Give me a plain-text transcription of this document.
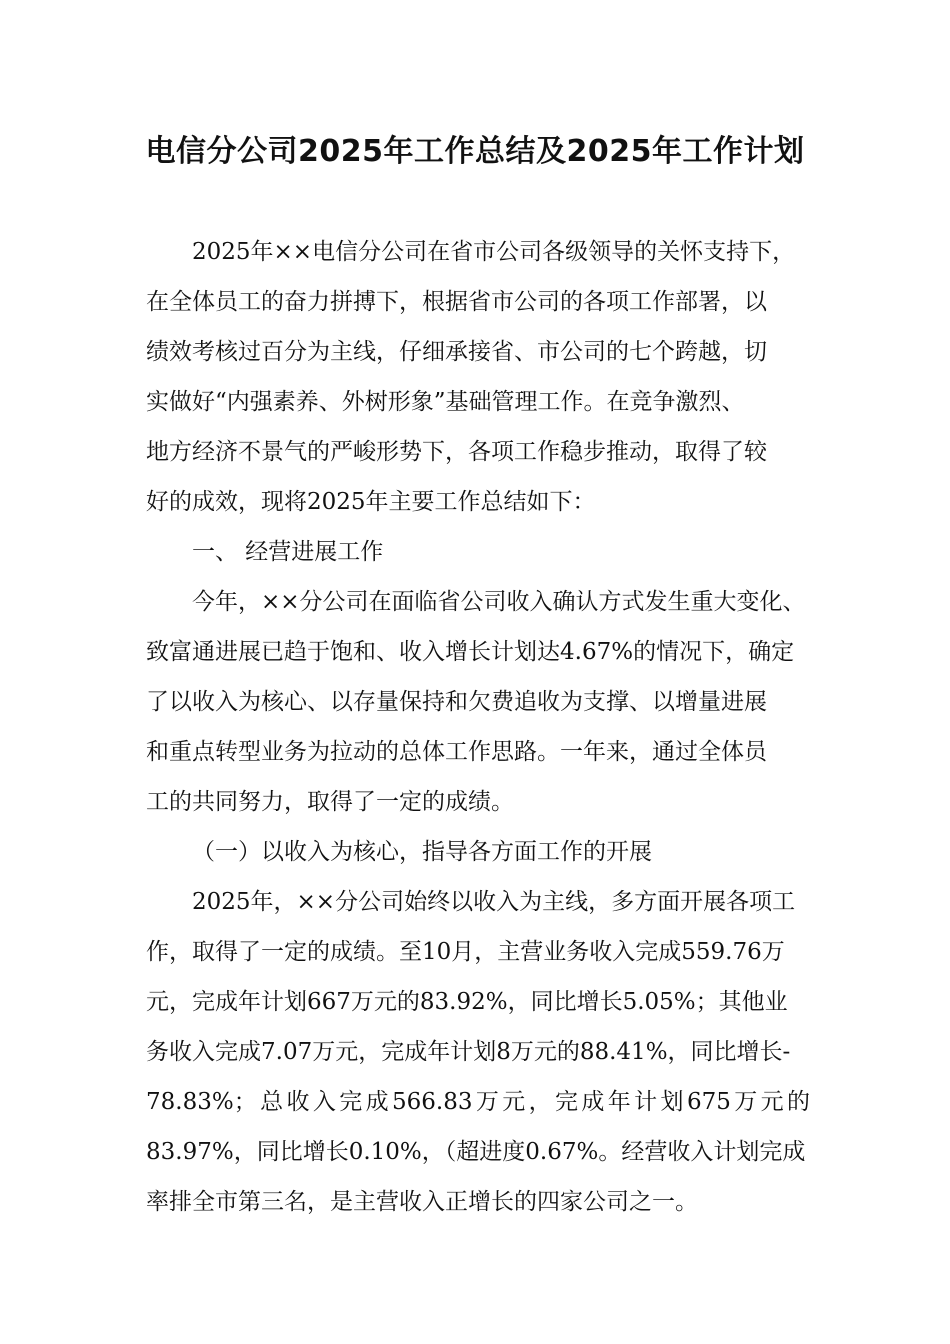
电信分公司2025年工作总结及2025年工作计划
2025年××电信分公司在省市公司各级领导的关怀支持下，
在全体员工的奋力拼搏下，根据省市公司的各项工作部署，以
绩效考核过百分为主线，仔细承接省、市公司的七个跨越，切
实做好“内强素养、外树形象”基础管理工作。在竞争激烈、
地方经济不景气的严峻形势下，各项工作稳步推动，取得了较
好的成效，现将2025年主要工作总结如下：
一、 经营进展工作
今年，××分公司在面临省公司收入确认方式发生重大变化、
致富通进展已趋于饱和、收入增长计划达4.67%的情况下，确定
了以收入为核心、以存量保持和欠费追收为支撑、以增量进展
和重点转型业务为拉动的总体工作思路。一年来，通过全体员
工的共同努力，取得了一定的成绩。
（一）以收入为核心，指导各方面工作的开展
2025年，××分公司始终以收入为主线，多方面开展各项工
作，取得了一定的成绩。至10月，主营业务收入完成559.76万
元，完成年计划667万元的83.92%，同比增长5.05%；其他业
务收入完成7.07万元，完成年计划8万元的88.41%，同比增长-
78.83%；总收入完成566.83万元，完成年计划675万元的
83.97%，同比增长0.10%，（超进度0.67%。经营收入计划完成
率排全市第三名，是主营收入正增长的四家公司之一。
